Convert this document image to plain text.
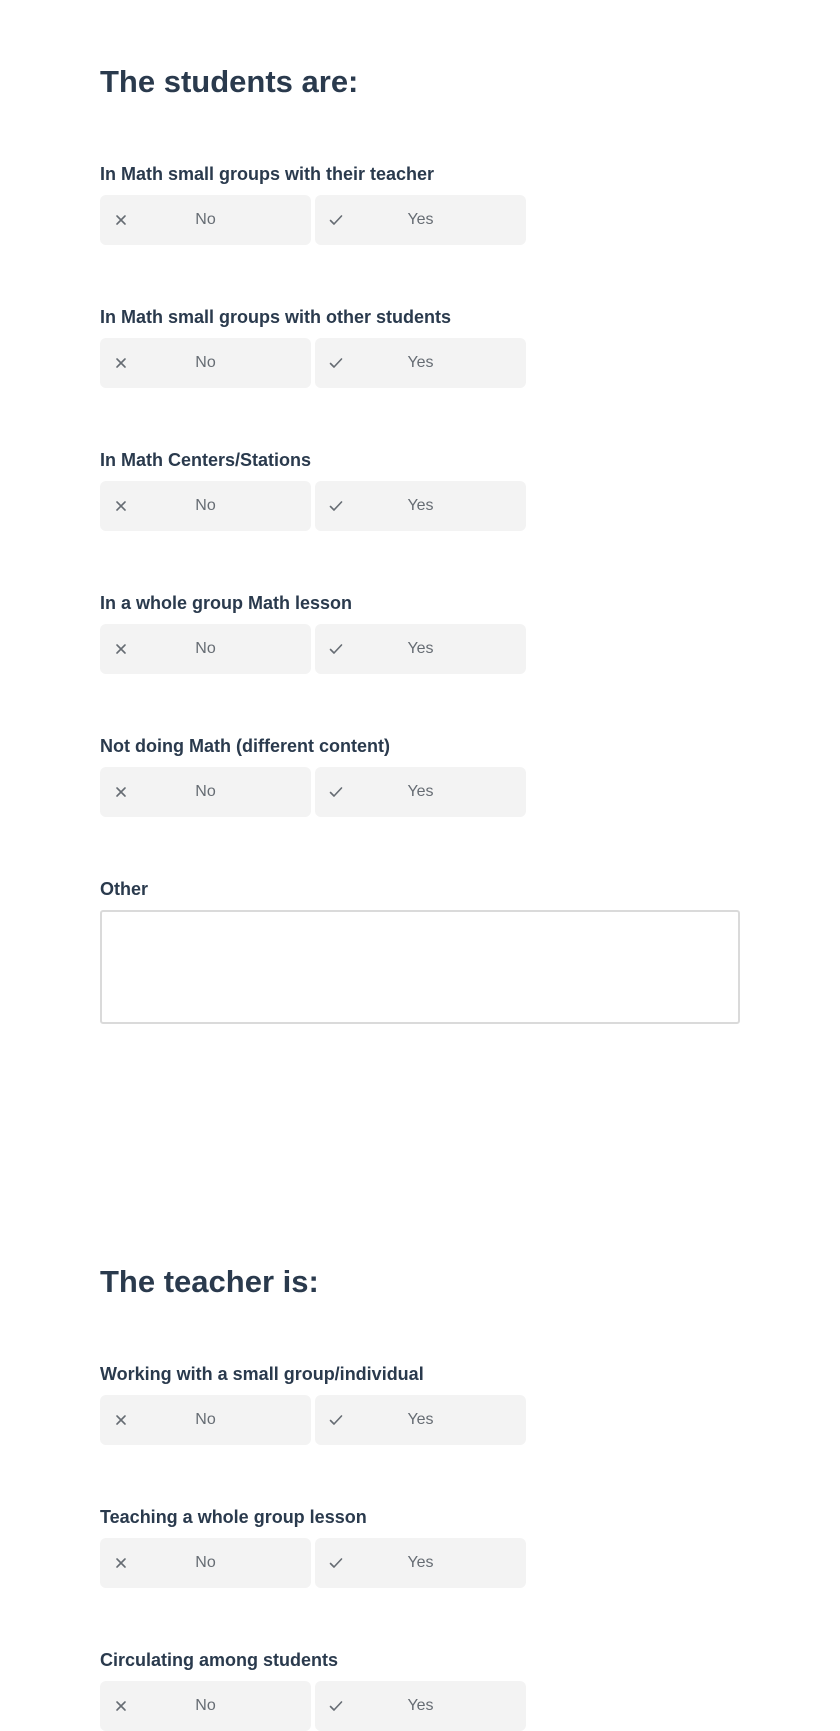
The students are:
In Math small groups with their teacher
No	Yes
In Math small groups with other students
No	Yes
In Math Centers/Stations
No	Yes
In a whole group Math lesson
No	Yes
Not doing Math (different content)
No	Yes
Other
The teacher is:
Working with a small group/individual
No	Yes
Teaching a whole group lesson
No	Yes
Circulating among students
No	Yes
